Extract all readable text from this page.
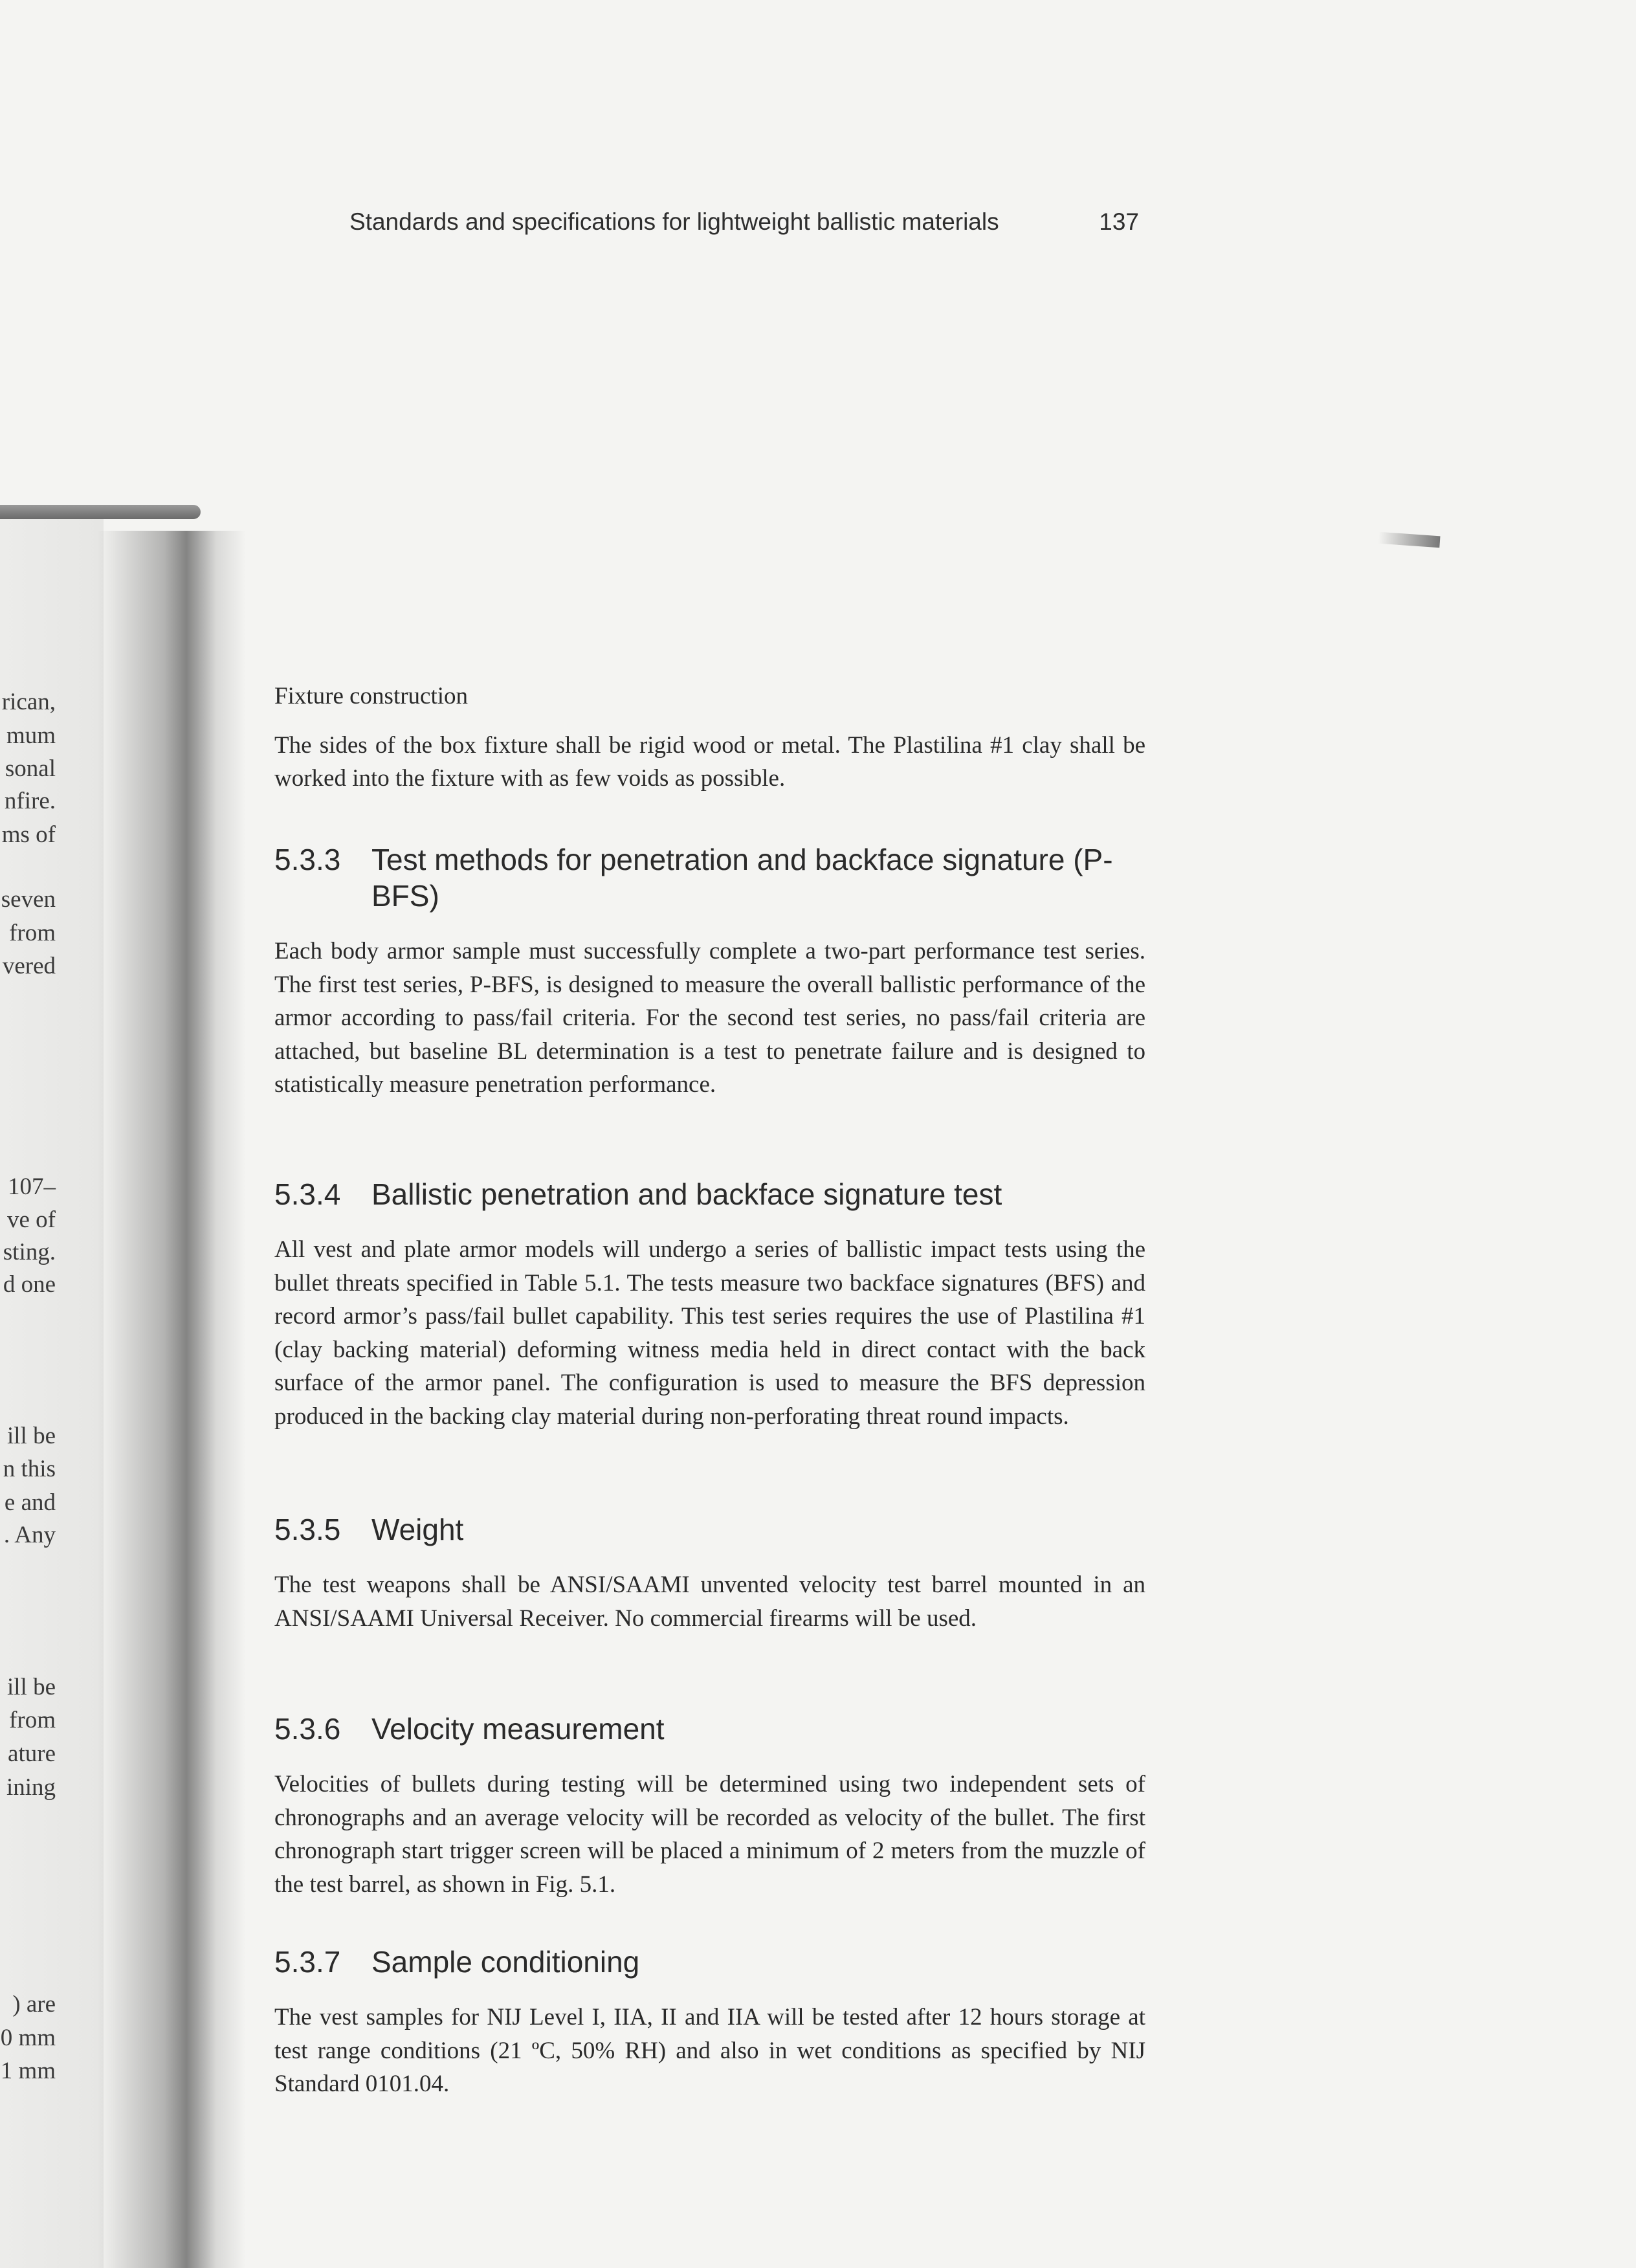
rican,
mum
sonal
nfire.
ms of
seven
from
vered
107–
ve of
sting.
d one
ill be
n this
e and
. Any
ill be
from
ature
ining
) are
0 mm
1 mm
Standards and specifications for lightweight ballistic materials	137

Fixture construction

The sides of the box fixture shall be rigid wood or metal. The Plastilina #1 clay shall be worked into the fixture with as few voids as possible.

5.3.3	Test methods for penetration and backface signature (P-BFS)

Each body armor sample must successfully complete a two-part performance test series. The first test series, P-BFS, is designed to measure the overall ballistic performance of the armor according to pass/fail criteria. For the second test series, no pass/fail criteria are attached, but baseline BL determination is a test to penetrate failure and is designed to statistically measure penetration performance.

5.3.4	Ballistic penetration and backface signature test

All vest and plate armor models will undergo a series of ballistic impact tests using the bullet threats specified in Table 5.1. The tests measure two backface signatures (BFS) and record armor’s pass/fail bullet capability. This test series requires the use of Plastilina #1 (clay backing material) deforming witness media held in direct contact with the back surface of the armor panel. The configuration is used to measure the BFS depression produced in the backing clay material during non-perforating threat round impacts.

5.3.5	Weight

The test weapons shall be ANSI/SAAMI unvented velocity test barrel mounted in an ANSI/SAAMI Universal Receiver. No commercial firearms will be used.

5.3.6	Velocity measurement

Velocities of bullets during testing will be determined using two independent sets of chronographs and an average velocity will be recorded as velocity of the bullet. The first chronograph start trigger screen will be placed a minimum of 2 meters from the muzzle of the test barrel, as shown in Fig. 5.1.

5.3.7	Sample conditioning

The vest samples for NIJ Level I, IIA, II and IIA will be tested after 12 hours storage at test range conditions (21 ºC, 50% RH) and also in wet conditions as specified by NIJ Standard 0101.04.
